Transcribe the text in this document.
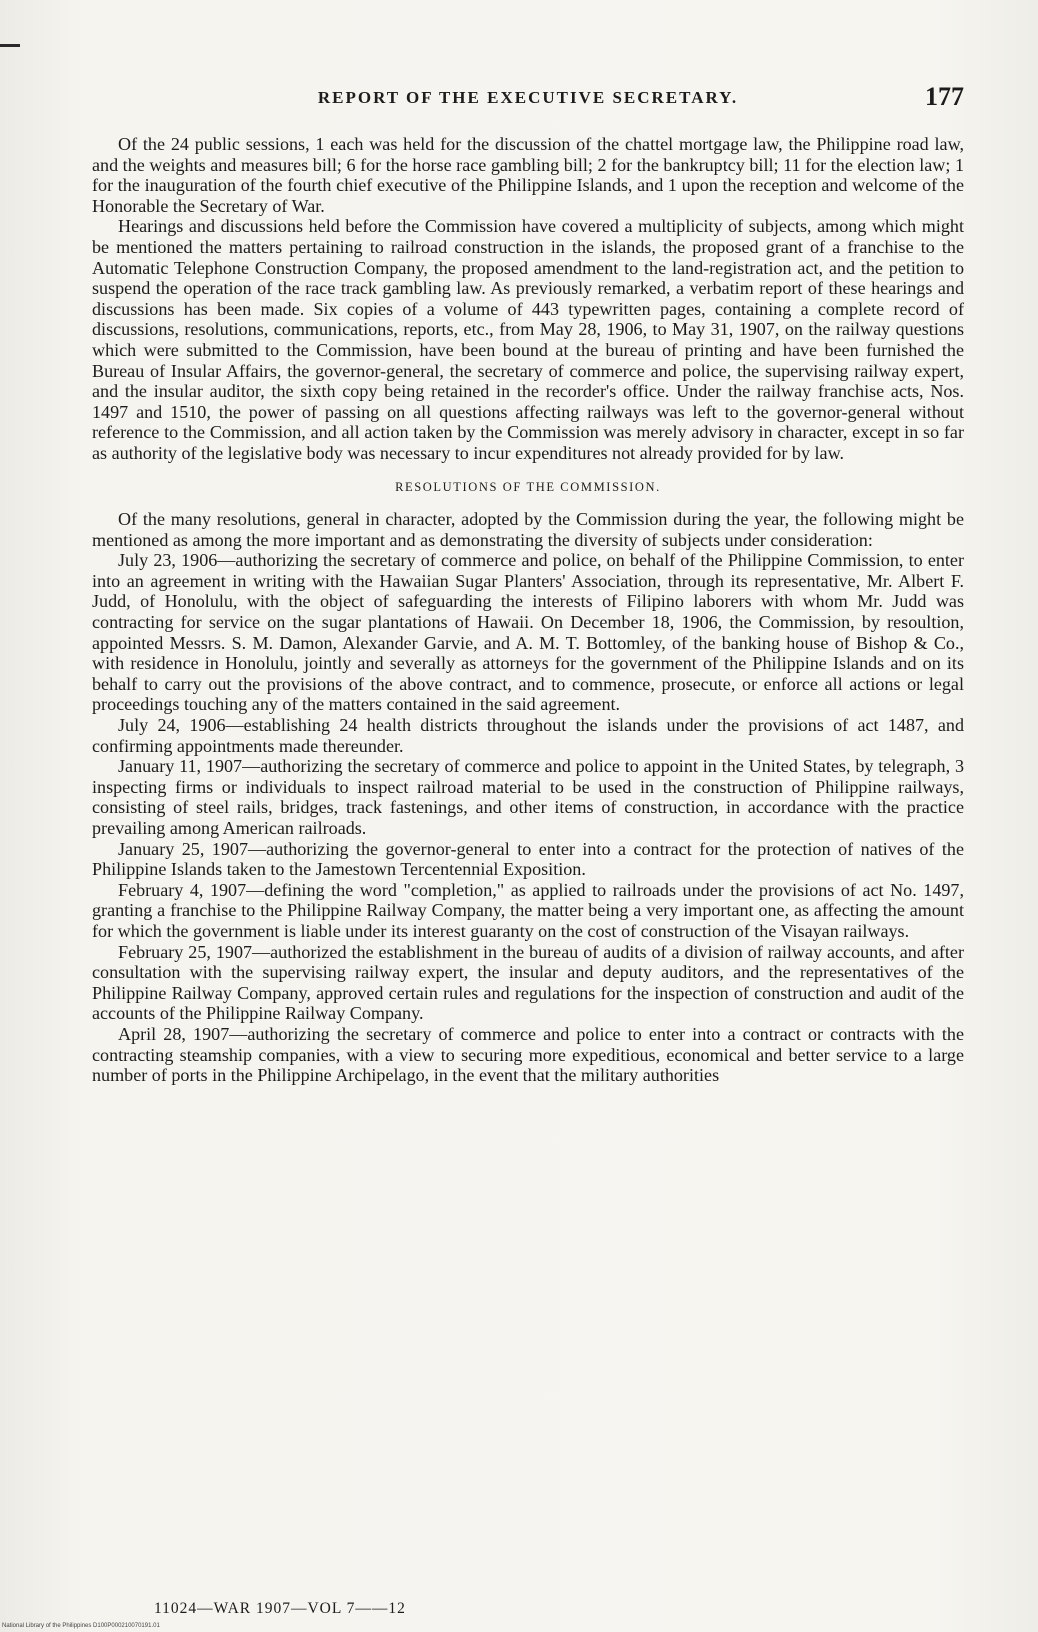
REPORT OF THE EXECUTIVE SECRETARY.	177

Of the 24 public sessions, 1 each was held for the discussion of the chattel mortgage law, the Philippine road law, and the weights and measures bill; 6 for the horse race gambling bill; 2 for the bankruptcy bill; 11 for the election law; 1 for the inauguration of the fourth chief executive of the Philippine Islands, and 1 upon the reception and welcome of the Honorable the Secretary of War.

Hearings and discussions held before the Commission have covered a multiplicity of subjects, among which might be mentioned the matters pertaining to railroad construction in the islands, the proposed grant of a franchise to the Automatic Telephone Construction Company, the proposed amendment to the land-registration act, and the petition to suspend the operation of the race track gambling law. As previously remarked, a verbatim report of these hearings and discussions has been made. Six copies of a volume of 443 typewritten pages, containing a complete record of discussions, resolutions, communications, reports, etc., from May 28, 1906, to May 31, 1907, on the railway questions which were submitted to the Commission, have been bound at the bureau of printing and have been furnished the Bureau of Insular Affairs, the governor-general, the secretary of commerce and police, the supervising railway expert, and the insular auditor, the sixth copy being retained in the recorder's office. Under the railway franchise acts, Nos. 1497 and 1510, the power of passing on all questions affecting railways was left to the governor-general without reference to the Commission, and all action taken by the Commission was merely advisory in character, except in so far as authority of the legislative body was necessary to incur expenditures not already provided for by law.

RESOLUTIONS OF THE COMMISSION.

Of the many resolutions, general in character, adopted by the Commission during the year, the following might be mentioned as among the more important and as demonstrating the diversity of subjects under consideration:

July 23, 1906—authorizing the secretary of commerce and police, on behalf of the Philippine Commission, to enter into an agreement in writing with the Hawaiian Sugar Planters' Association, through its representative, Mr. Albert F. Judd, of Honolulu, with the object of safeguarding the interests of Filipino laborers with whom Mr. Judd was contracting for service on the sugar plantations of Hawaii. On December 18, 1906, the Commission, by resoultion, appointed Messrs. S. M. Damon, Alexander Garvie, and A. M. T. Bottomley, of the banking house of Bishop & Co., with residence in Honolulu, jointly and severally as attorneys for the government of the Philippine Islands and on its behalf to carry out the provisions of the above contract, and to commence, prosecute, or enforce all actions or legal proceedings touching any of the matters contained in the said agreement.

July 24, 1906—establishing 24 health districts throughout the islands under the provisions of act 1487, and confirming appointments made thereunder.

January 11, 1907—authorizing the secretary of commerce and police to appoint in the United States, by telegraph, 3 inspecting firms or individuals to inspect railroad material to be used in the construction of Philippine railways, consisting of steel rails, bridges, track fastenings, and other items of construction, in accordance with the practice prevailing among American railroads.

January 25, 1907—authorizing the governor-general to enter into a contract for the protection of natives of the Philippine Islands taken to the Jamestown Tercentennial Exposition.

February 4, 1907—defining the word "completion," as applied to railroads under the provisions of act No. 1497, granting a franchise to the Philippine Railway Company, the matter being a very important one, as affecting the amount for which the government is liable under its interest guaranty on the cost of construction of the Visayan railways.

February 25, 1907—authorized the establishment in the bureau of audits of a division of railway accounts, and after consultation with the supervising railway expert, the insular and deputy auditors, and the representatives of the Philippine Railway Company, approved certain rules and regulations for the inspection of construction and audit of the accounts of the Philippine Railway Company.

April 28, 1907—authorizing the secretary of commerce and police to enter into a contract or contracts with the contracting steamship companies, with a view to securing more expeditious, economical and better service to a large number of ports in the Philippine Archipelago, in the event that the military authorities

11024—WAR 1907—VOL 7——12
National Library of the Philippines D100P000210070191.01
